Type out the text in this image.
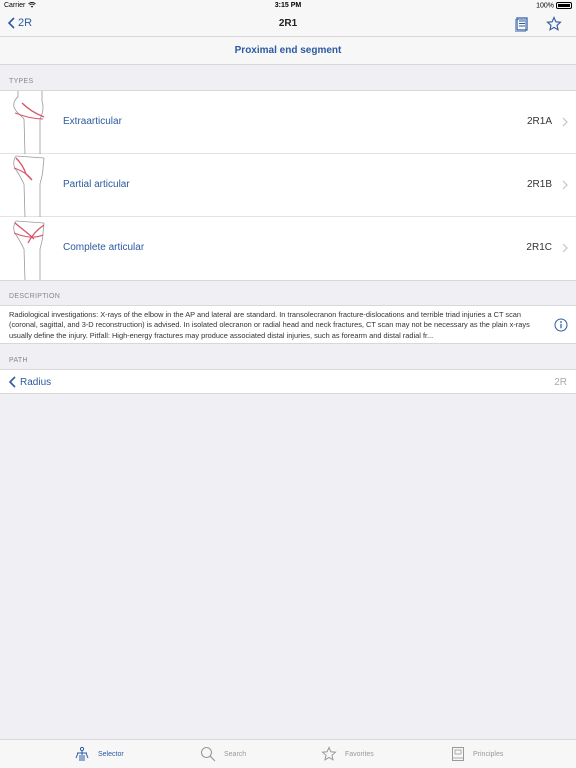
Carrier	3:15 PM	100%
2R	2R1
Proximal end segment
TYPES
Extraarticular	2R1A
Partial articular	2R1B
Complete articular	2R1C
DESCRIPTION
Radiological investigations: X-rays of the elbow in the AP and lateral are standard. In transolecranon fracture-dislocations and terrible triad injuries a CT scan (coronal, sagittal, and 3-D reconstruction) is advised. In isolated olecranon or radial head and neck fractures, CT scan may not be necessary as the plain x-rays usually define the injury. Pitfall: High-energy fractures may produce associated distal injuries, such as forearm and distal radial fr...
PATH
Radius	2R
Selector	Search	Favorites	Principles
